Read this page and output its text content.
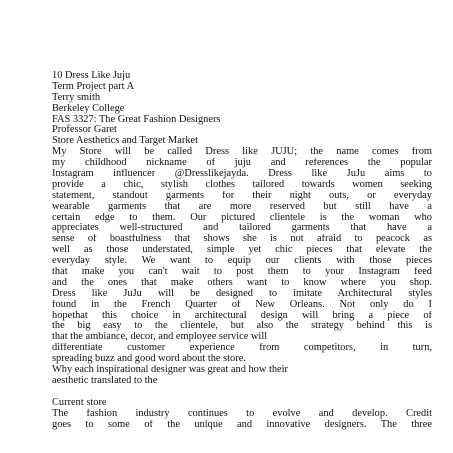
10 Dress Like Juju
Term Project part A
Terry smith
Berkeley College
FAS 3327: The Great Fashion Designers
Professor Garet
Store Aesthetics and Target Market
My Store will be called Dress like JUJU; the name comes from
my childhood nickname of juju and references the popular
Instagram influencer @Dresslikejayda. Dress like JuJu aims to
provide a chic, stylish clothes tailored towards women seeking
statement, standout garments for their night outs, or everyday
wearable garments that are more reserved but still have a
certain edge to them. Our pictured clientele is the woman who
appreciates well-structured and tailored garments that have a
sense of boastfulness that shows she is not afraid to peacock as
well as those understated, simple yet chic pieces that elevate the
everyday style. We want to equip our clients with those pieces
that make you can't wait to post them to your Instagram feed
and the ones that make others want to know where you shop.
Dress like JuJu will be designed to imitate Architectural styles
found in the French Quarter of New Orleans. Not only do I
hopethat this choice in architectural design will bring a piece of
the big easy to the clientele, but also the strategy behind this is
that the ambiance, decor, and employee service will
differentiate customer experience from competitors, in turn,
spreading buzz and good word about the store.
Why each inspirational designer was great and how their
aesthetic translated to the
Current store
The fashion industry continues to evolve and develop. Credit
goes to some of the unique and innovative designers. The three
